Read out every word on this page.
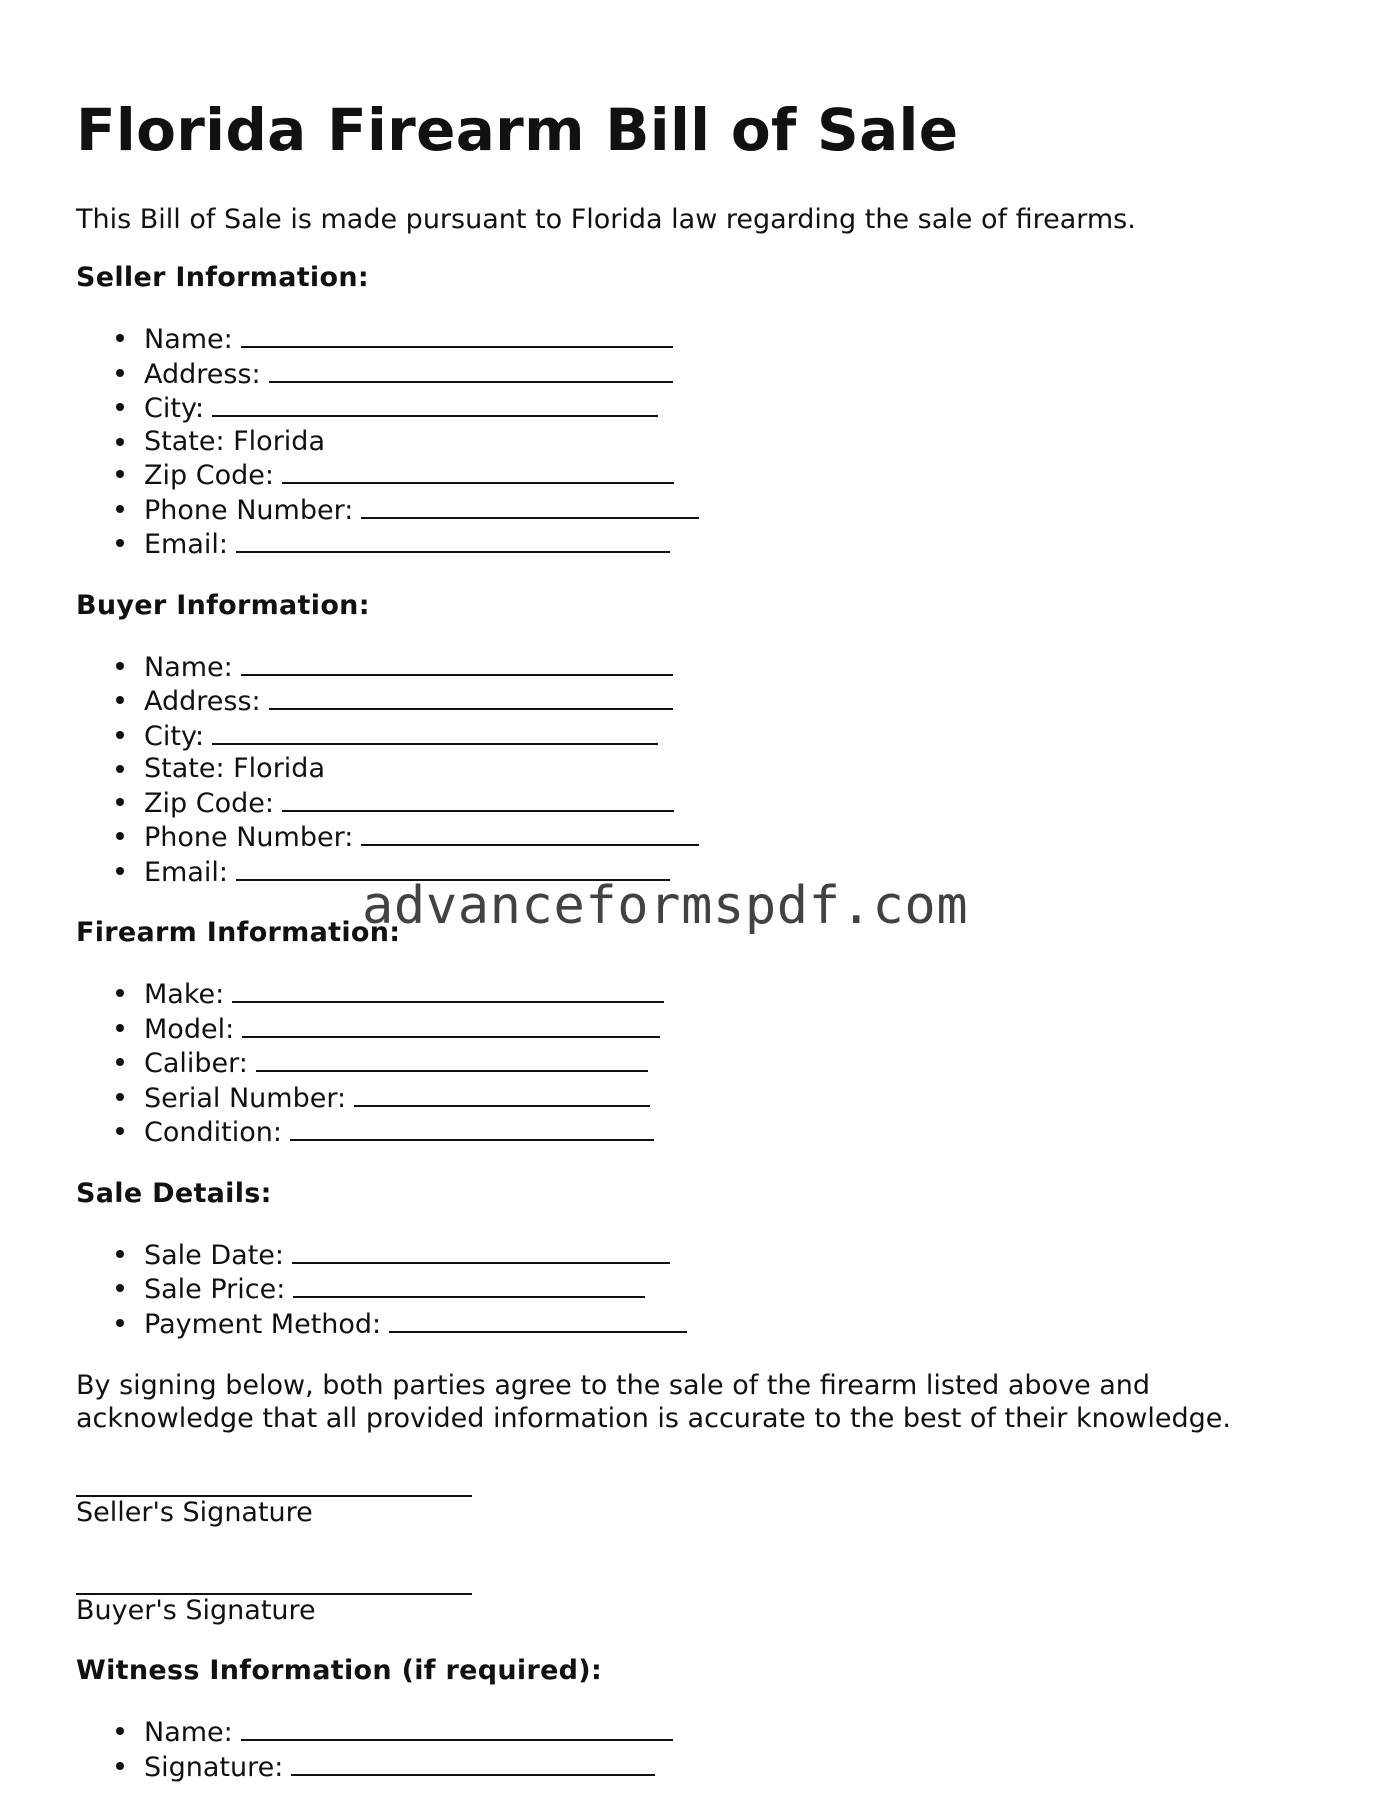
Florida Firearm Bill of Sale

This Bill of Sale is made pursuant to Florida law regarding the sale of firearms.

Seller Information:
Name:
Address:
City:
State: Florida
Zip Code:
Phone Number:
Email:
Buyer Information:
Name:
Address:
City:
State: Florida
Zip Code:
Phone Number:
Email:
Firearm Information:
Make:
Model:
Caliber:
Serial Number:
Condition:
Sale Details:
Sale Date:
Sale Price:
Payment Method:

By signing below, both parties agree to the sale of the firearm listed above and acknowledge that all provided information is accurate to the best of their knowledge.

Seller's Signature
Buyer's Signature
Witness Information (if required):
Name:
Signature:
advanceformspdf.com
